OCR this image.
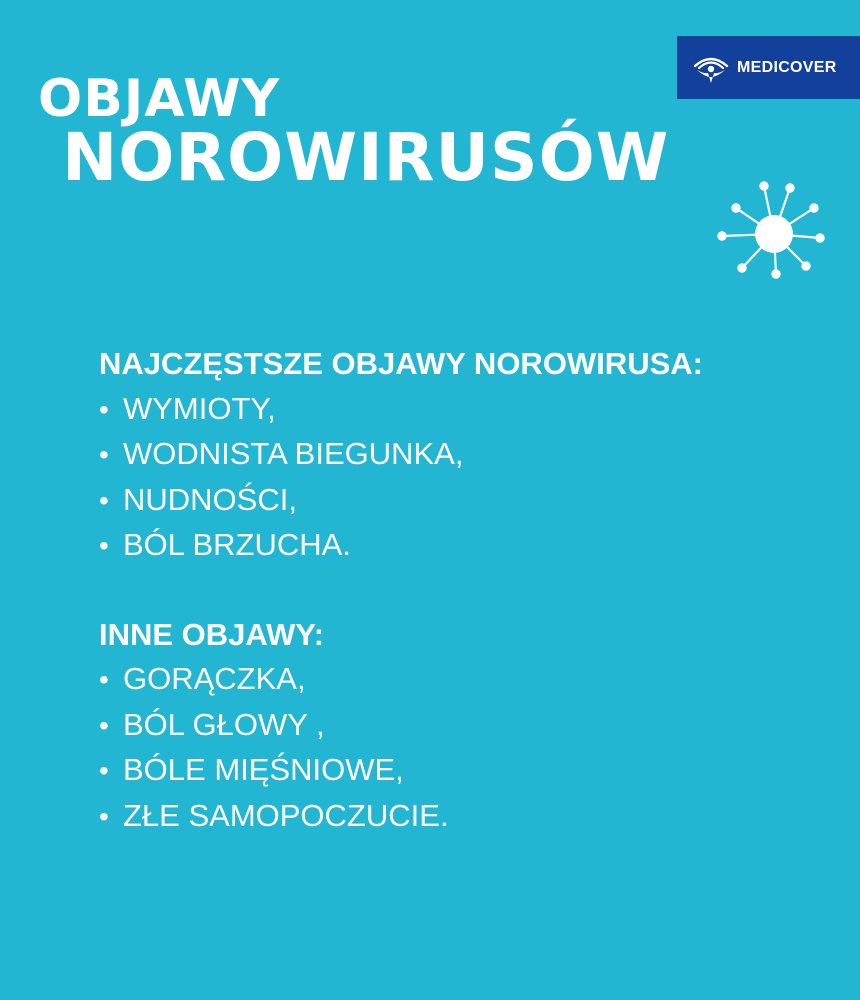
OBJAWY
NOROWIRUSÓW
MEDICOVER

NAJCZĘSTSZE OBJAWY NOROWIRUSA:

• WYMIOTY,
• WODNISTA BIEGUNKA,
• NUDNOŚCI,
• BÓL BRZUCHA.

INNE OBJAWY:

• GORĄCZKA,
• BÓL GŁOWY ,
• BÓLE MIĘŚNIOWE,
• ZŁE SAMOPOCZUCIE.
